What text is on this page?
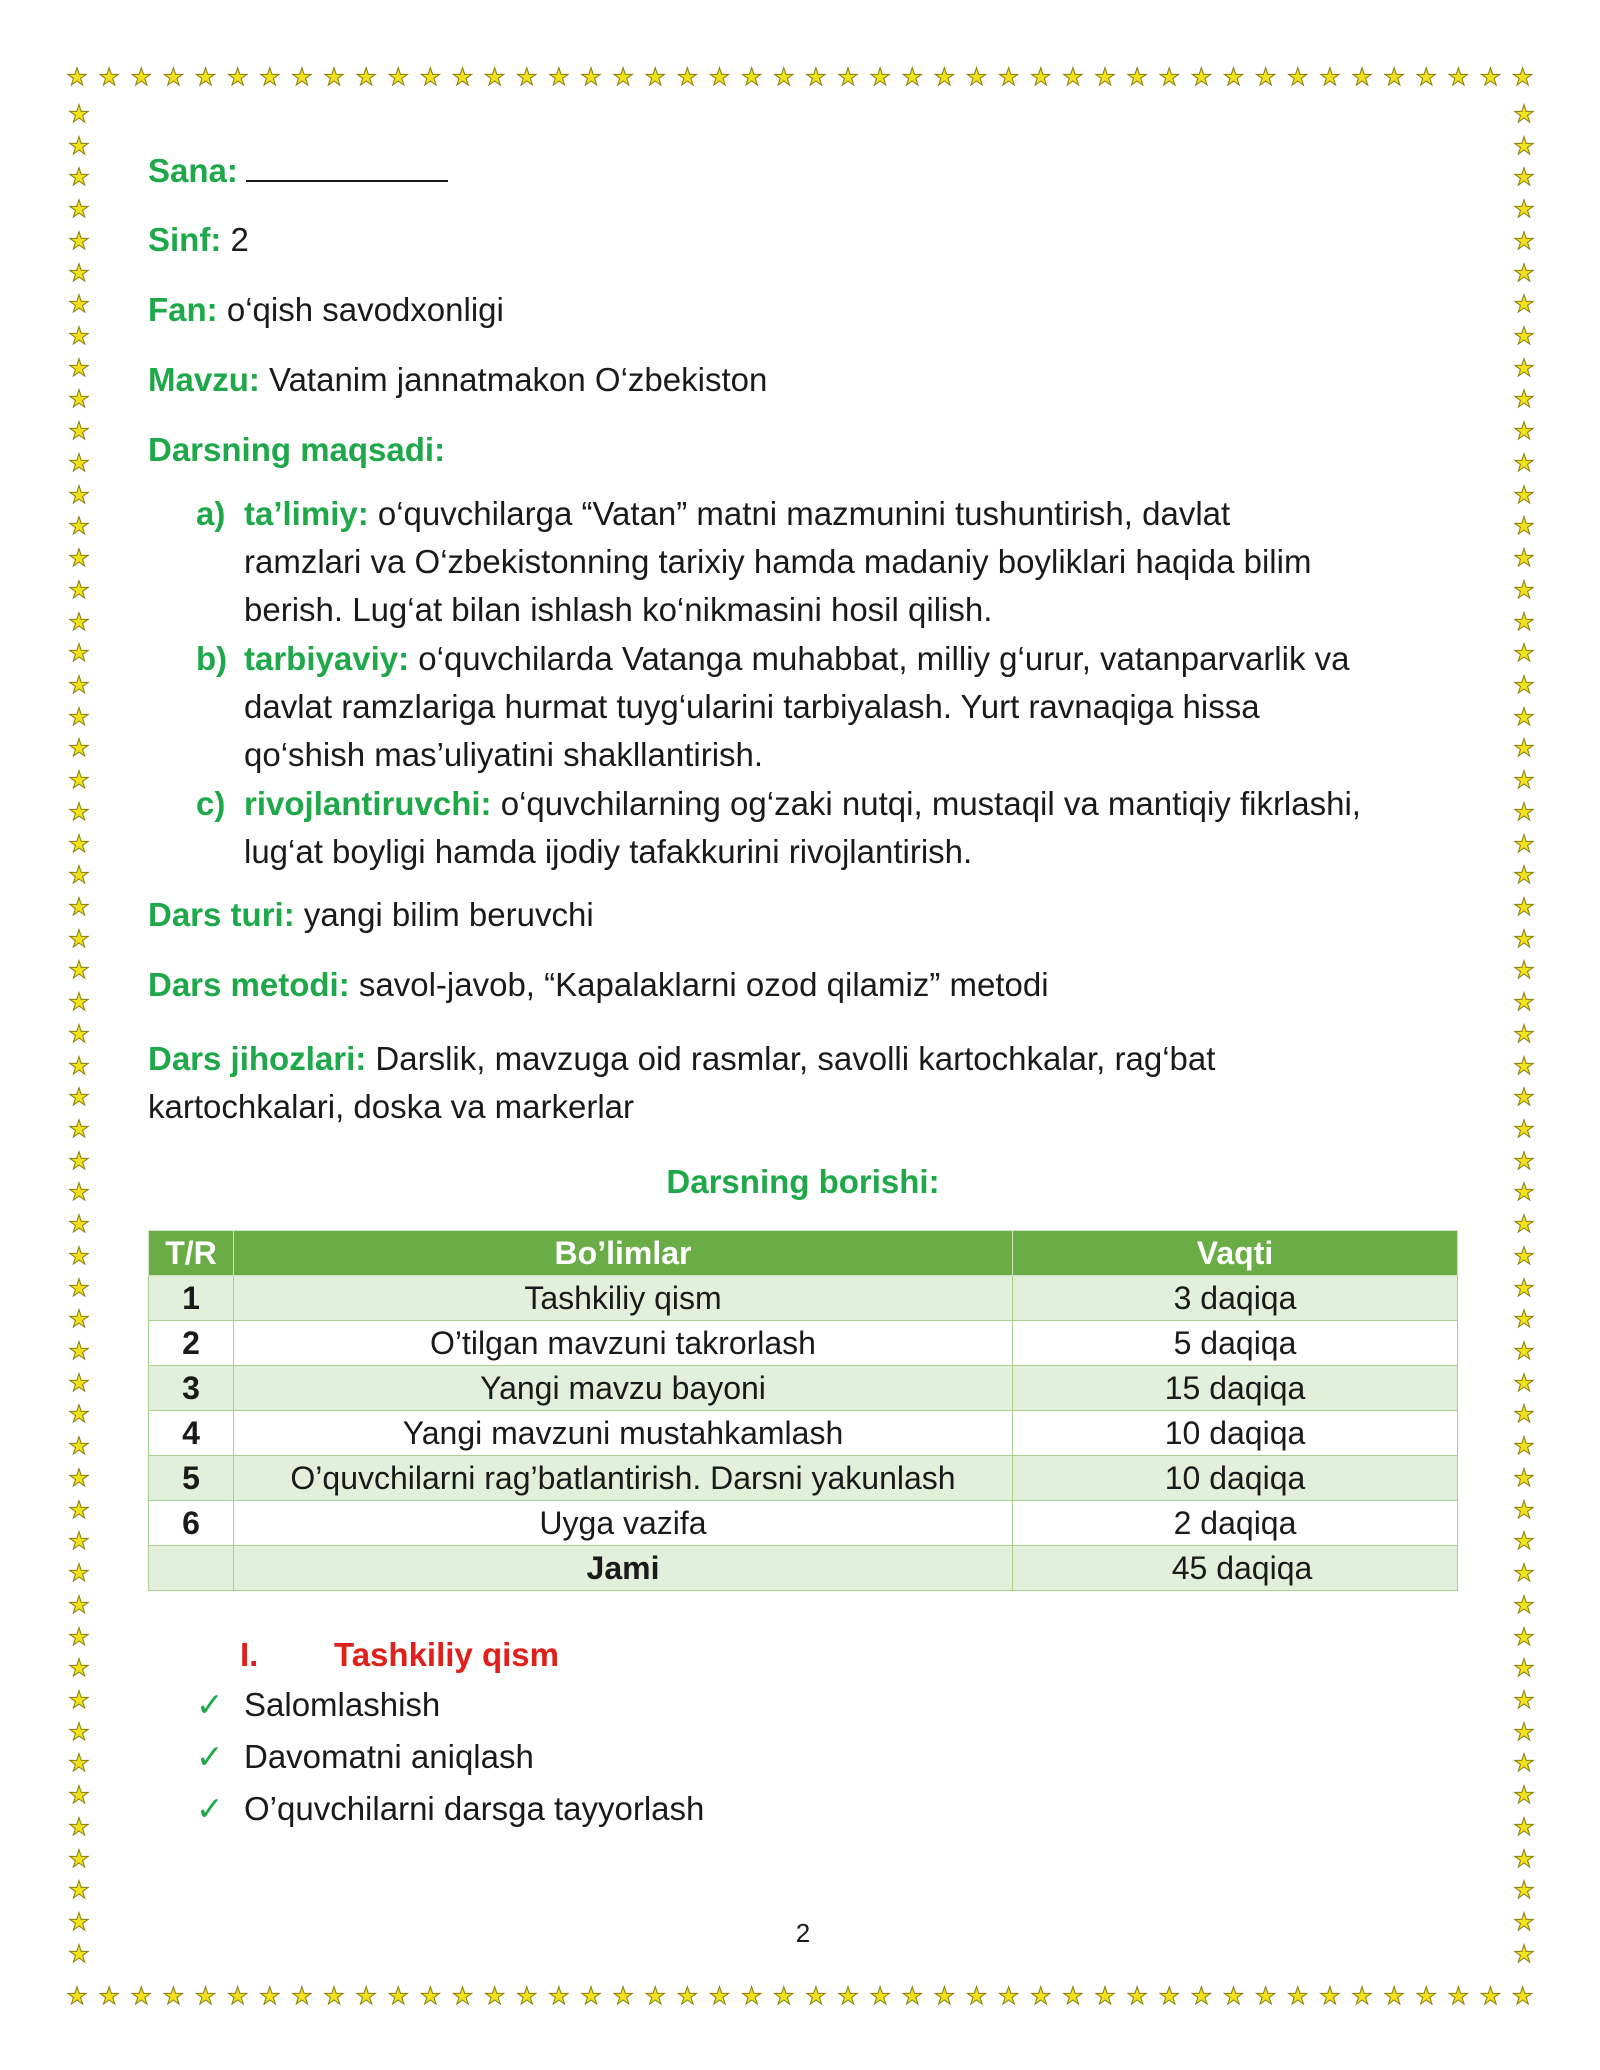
★ ★ ★ ★ ★ ★ ★ ★ ★ ★ ★ ★ ★ ★ ★ ★ ★ ★ ★ ★ ★ ★ ★ ★ ★ ★ ★ ★ ★ ★ ★ ★ ★ ★ ★ ★ ★ ★ ★ ★ ★ ★ ★ ★ ★ ★
★ ★ ★ ★ ★ ★ ★ ★ ★ ★ ★ ★ ★ ★ ★ ★ ★ ★ ★ ★ ★ ★ ★ ★ ★ ★ ★ ★ ★ ★ ★ ★ ★ ★ ★ ★ ★ ★ ★ ★ ★ ★ ★ ★ ★ ★
★
★
★
★
★
★
★
★
★
★
★
★
★
★
★
★
★
★
★
★
★
★
★
★
★
★
★
★
★
★
★
★
★
★
★
★
★
★
★
★
★
★
★
★
★
★
★
★
★
★
★
★
★
★
★
★
★
★
★
★
★
★
★
★
★
★
★
★
★
★
★
★
★
★
★
★
★
★
★
★
★
★
★
★
★
★
★
★
★
★
★
★
★
★
★
★
★
★
★
★
★
★
★
★
★
★
★
★
★
★
★
★
★
★
★
★
★
★
Sana:
Sinf: 2
Fan: o‘qish savodxonligi
Mavzu: Vatanim jannatmakon O‘zbekiston
Darsning maqsadi:
a) ta’limiy: o‘quvchilarga “Vatan” matni mazmunini tushuntirish, davlat
ramzlari va O‘zbekistonning tarixiy hamda madaniy boyliklari haqida bilim
berish. Lug‘at bilan ishlash ko‘nikmasini hosil qilish.
b) tarbiyaviy: o‘quvchilarda Vatanga muhabbat, milliy g‘urur, vatanparvarlik va
davlat ramzlariga hurmat tuyg‘ularini tarbiyalash. Yurt ravnaqiga hissa
qo‘shish mas’uliyatini shakllantirish.
c) rivojlantiruvchi: o‘quvchilarning og‘zaki nutqi, mustaqil va mantiqiy fikrlashi,
lug‘at boyligi hamda ijodiy tafakkurini rivojlantirish.
Dars turi: yangi bilim beruvchi
Dars metodi: savol-javob, “Kapalaklarni ozod qilamiz” metodi
Dars jihozlari: Darslik, mavzuga oid rasmlar, savolli kartochkalar, rag‘bat
kartochkalari, doska va markerlar
Darsning borishi:
T/R	Bo’limlar	Vaqti
1	Tashkiliy qism	3 daqiqa
2	O’tilgan mavzuni takrorlash	5 daqiqa
3	Yangi mavzu bayoni	15 daqiqa
4	Yangi mavzuni mustahkamlash	10 daqiqa
5	O’quvchilarni rag’batlantirish. Darsni yakunlash	10 daqiqa
6	Uyga vazifa	2 daqiqa
	Jami	45 daqiqa
I. Tashkiliy qism
✓ Salomlashish
✓ Davomatni aniqlash
✓ O’quvchilarni darsga tayyorlash
2
